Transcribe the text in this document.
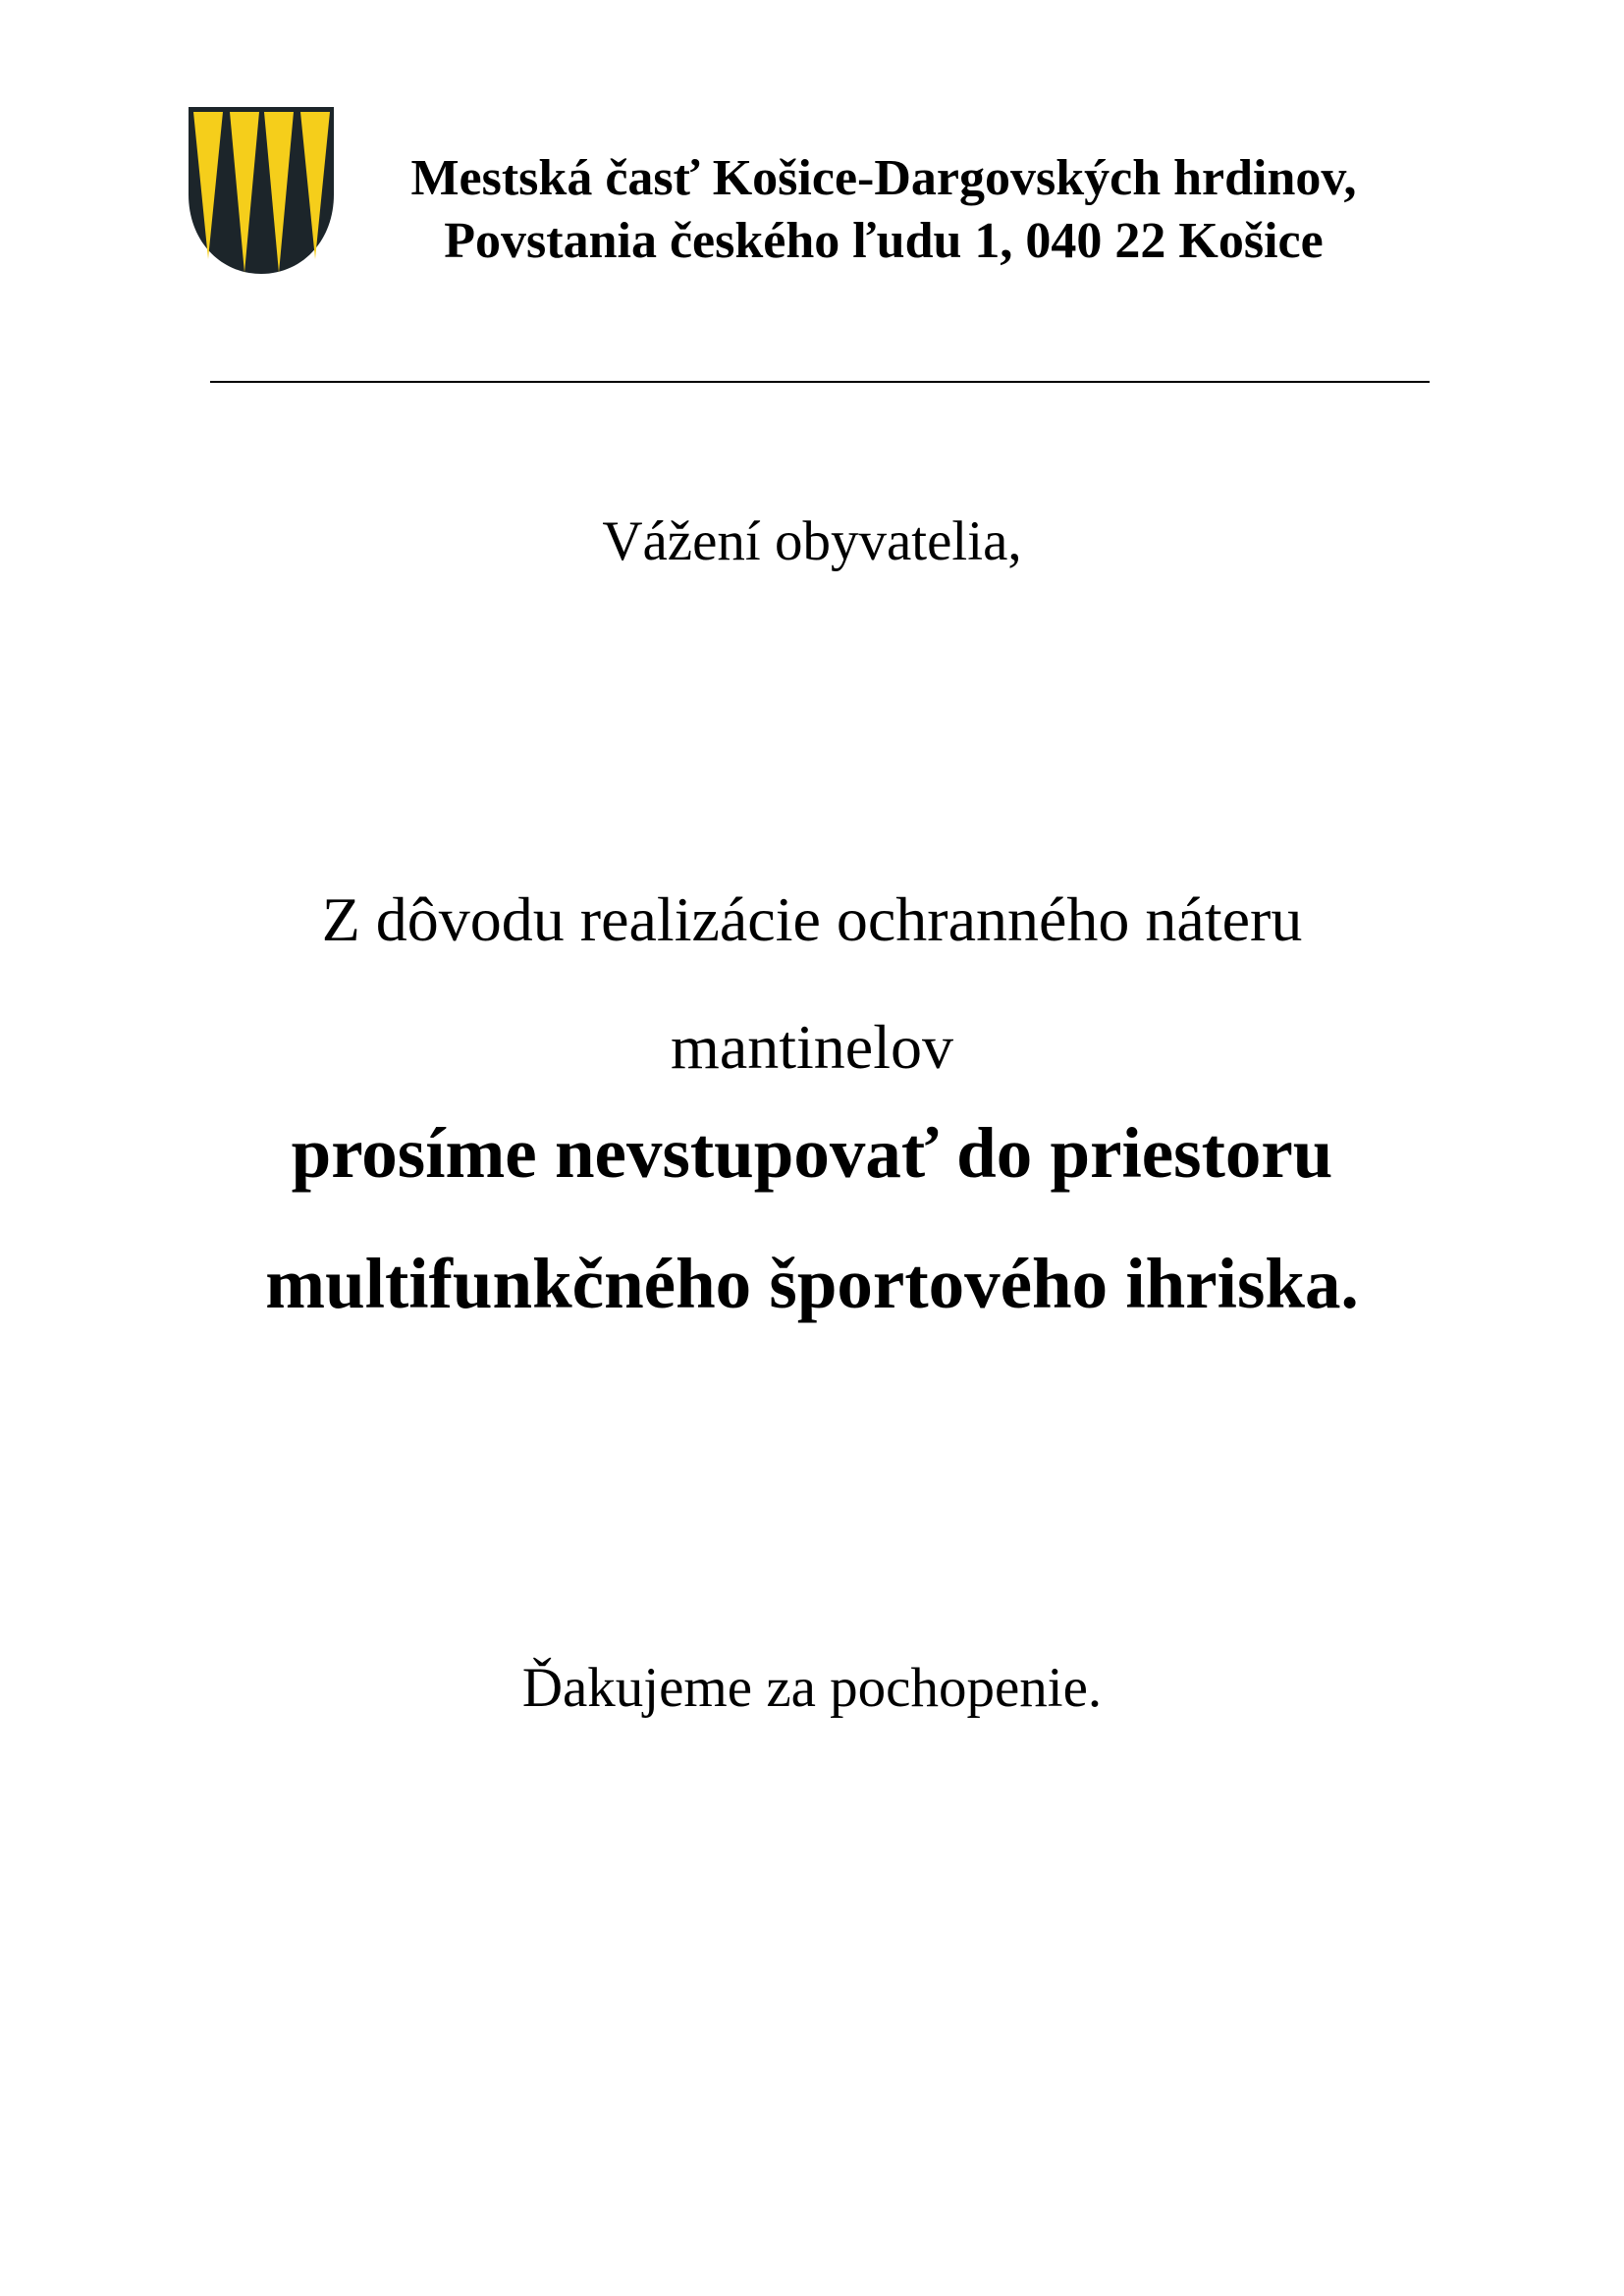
Mestská časť Košice-Dargovských hrdinov,
Povstania českého ľudu 1, 040 22 Košice
Vážení obyvatelia,
Z dôvodu realizácie ochranného náteru
mantinelov
prosíme nevstupovať do priestoru
multifunkčného športového ihriska.
Ďakujeme za pochopenie.
